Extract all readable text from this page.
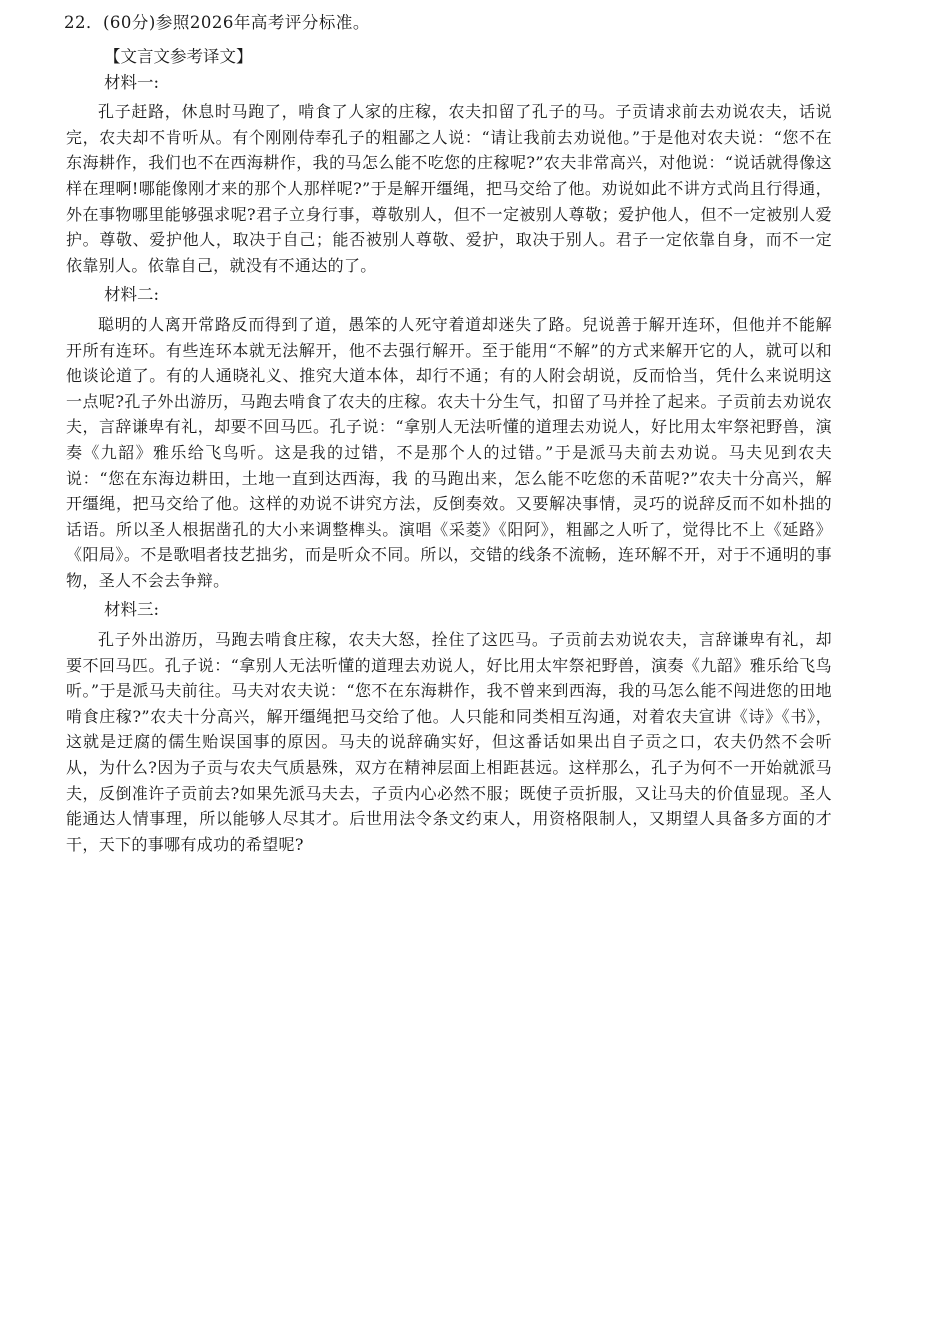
22．(60分)参照2026年高考评分标准。
【文言文参考译文】
材料一:

孔子赶路，休息时马跑了，啃食了人家的庄稼，农夫扣留了孔子的马。子贡请求前去劝说农夫，话说完，农夫却不肯听从。有个刚刚侍奉孔子的粗鄙之人说：“请让我前去劝说他。”于是他对农夫说：“您不在东海耕作，我们也不在西海耕作，我的马怎么能不吃您的庄稼呢?”农夫非常高兴，对他说：“说话就得像这样在理啊!哪能像刚才来的那个人那样呢?”于是解开缰绳，把马交给了他。劝说如此不讲方式尚且行得通，外在事物哪里能够强求呢?君子立身行事，尊敬别人，但不一定被别人尊敬；爱护他人，但不一定被别人爱护。尊敬、爱护他人，取决于自己；能否被别人尊敬、爱护，取决于别人。君子一定依靠自身，而不一定依靠别人。依靠自己，就没有不通达的了。

材料二:

聪明的人离开常路反而得到了道，愚笨的人死守着道却迷失了路。兒说善于解开连环，但他并不能解开所有连环。有些连环本就无法解开，他不去强行解开。至于能用“不解”的方式来解开它的人，就可以和他谈论道了。有的人通晓礼义、推究大道本体，却行不通；有的人附会胡说，反而恰当，凭什么来说明这一点呢?孔子外出游历，马跑去啃食了农夫的庄稼。农夫十分生气，扣留了马并拴了起来。子贡前去劝说农夫，言辞谦卑有礼，却要不回马匹。孔子说：“拿别人无法听懂的道理去劝说人，好比用太牢祭祀野兽，演奏《九韶》雅乐给飞鸟听。这是我的过错，不是那个人的过错。”于是派马夫前去劝说。马夫见到农夫说：“您在东海边耕田，土地一直到达西海，我 的马跑出来，怎么能不吃您的禾苗呢?”农夫十分高兴，解开缰绳，把马交给了他。这样的劝说不讲究方法，反倒奏效。又要解决事情，灵巧的说辞反而不如朴拙的话语。所以圣人根据凿孔的大小来调整榫头。演唱《采菱》《阳阿》，粗鄙之人听了，觉得比不上《延路》《阳局》。不是歌唱者技艺拙劣，而是听众不同。所以，交错的线条不流畅，连环解不开，对于不通明的事物，圣人不会去争辩。

材料三:

孔子外出游历，马跑去啃食庄稼，农夫大怒，拴住了这匹马。子贡前去劝说农夫，言辞谦卑有礼，却要不回马匹。孔子说：“拿别人无法听懂的道理去劝说人，好比用太牢祭祀野兽，演奏《九韶》雅乐给飞鸟听。”于是派马夫前往。马夫对农夫说：“您不在东海耕作，我不曾来到西海，我的马怎么能不闯进您的田地啃食庄稼?”农夫十分高兴，解开缰绳把马交给了他。人只能和同类相互沟通，对着农夫宣讲《诗》《书》，这就是迂腐的儒生贻误国事的原因。马夫的说辞确实好，但这番话如果出自子贡之口，农夫仍然不会听从，为什么?因为子贡与农夫气质悬殊，双方在精神层面上相距甚远。这样那么，孔子为何不一开始就派马夫，反倒准许子贡前去?如果先派马夫去，子贡内心必然不服；既使子贡折服，又让马夫的价值显现。圣人能通达人情事理，所以能够人尽其才。后世用法令条文约束人，用资格限制人，又期望人具备多方面的才干，天下的事哪有成功的希望呢?
